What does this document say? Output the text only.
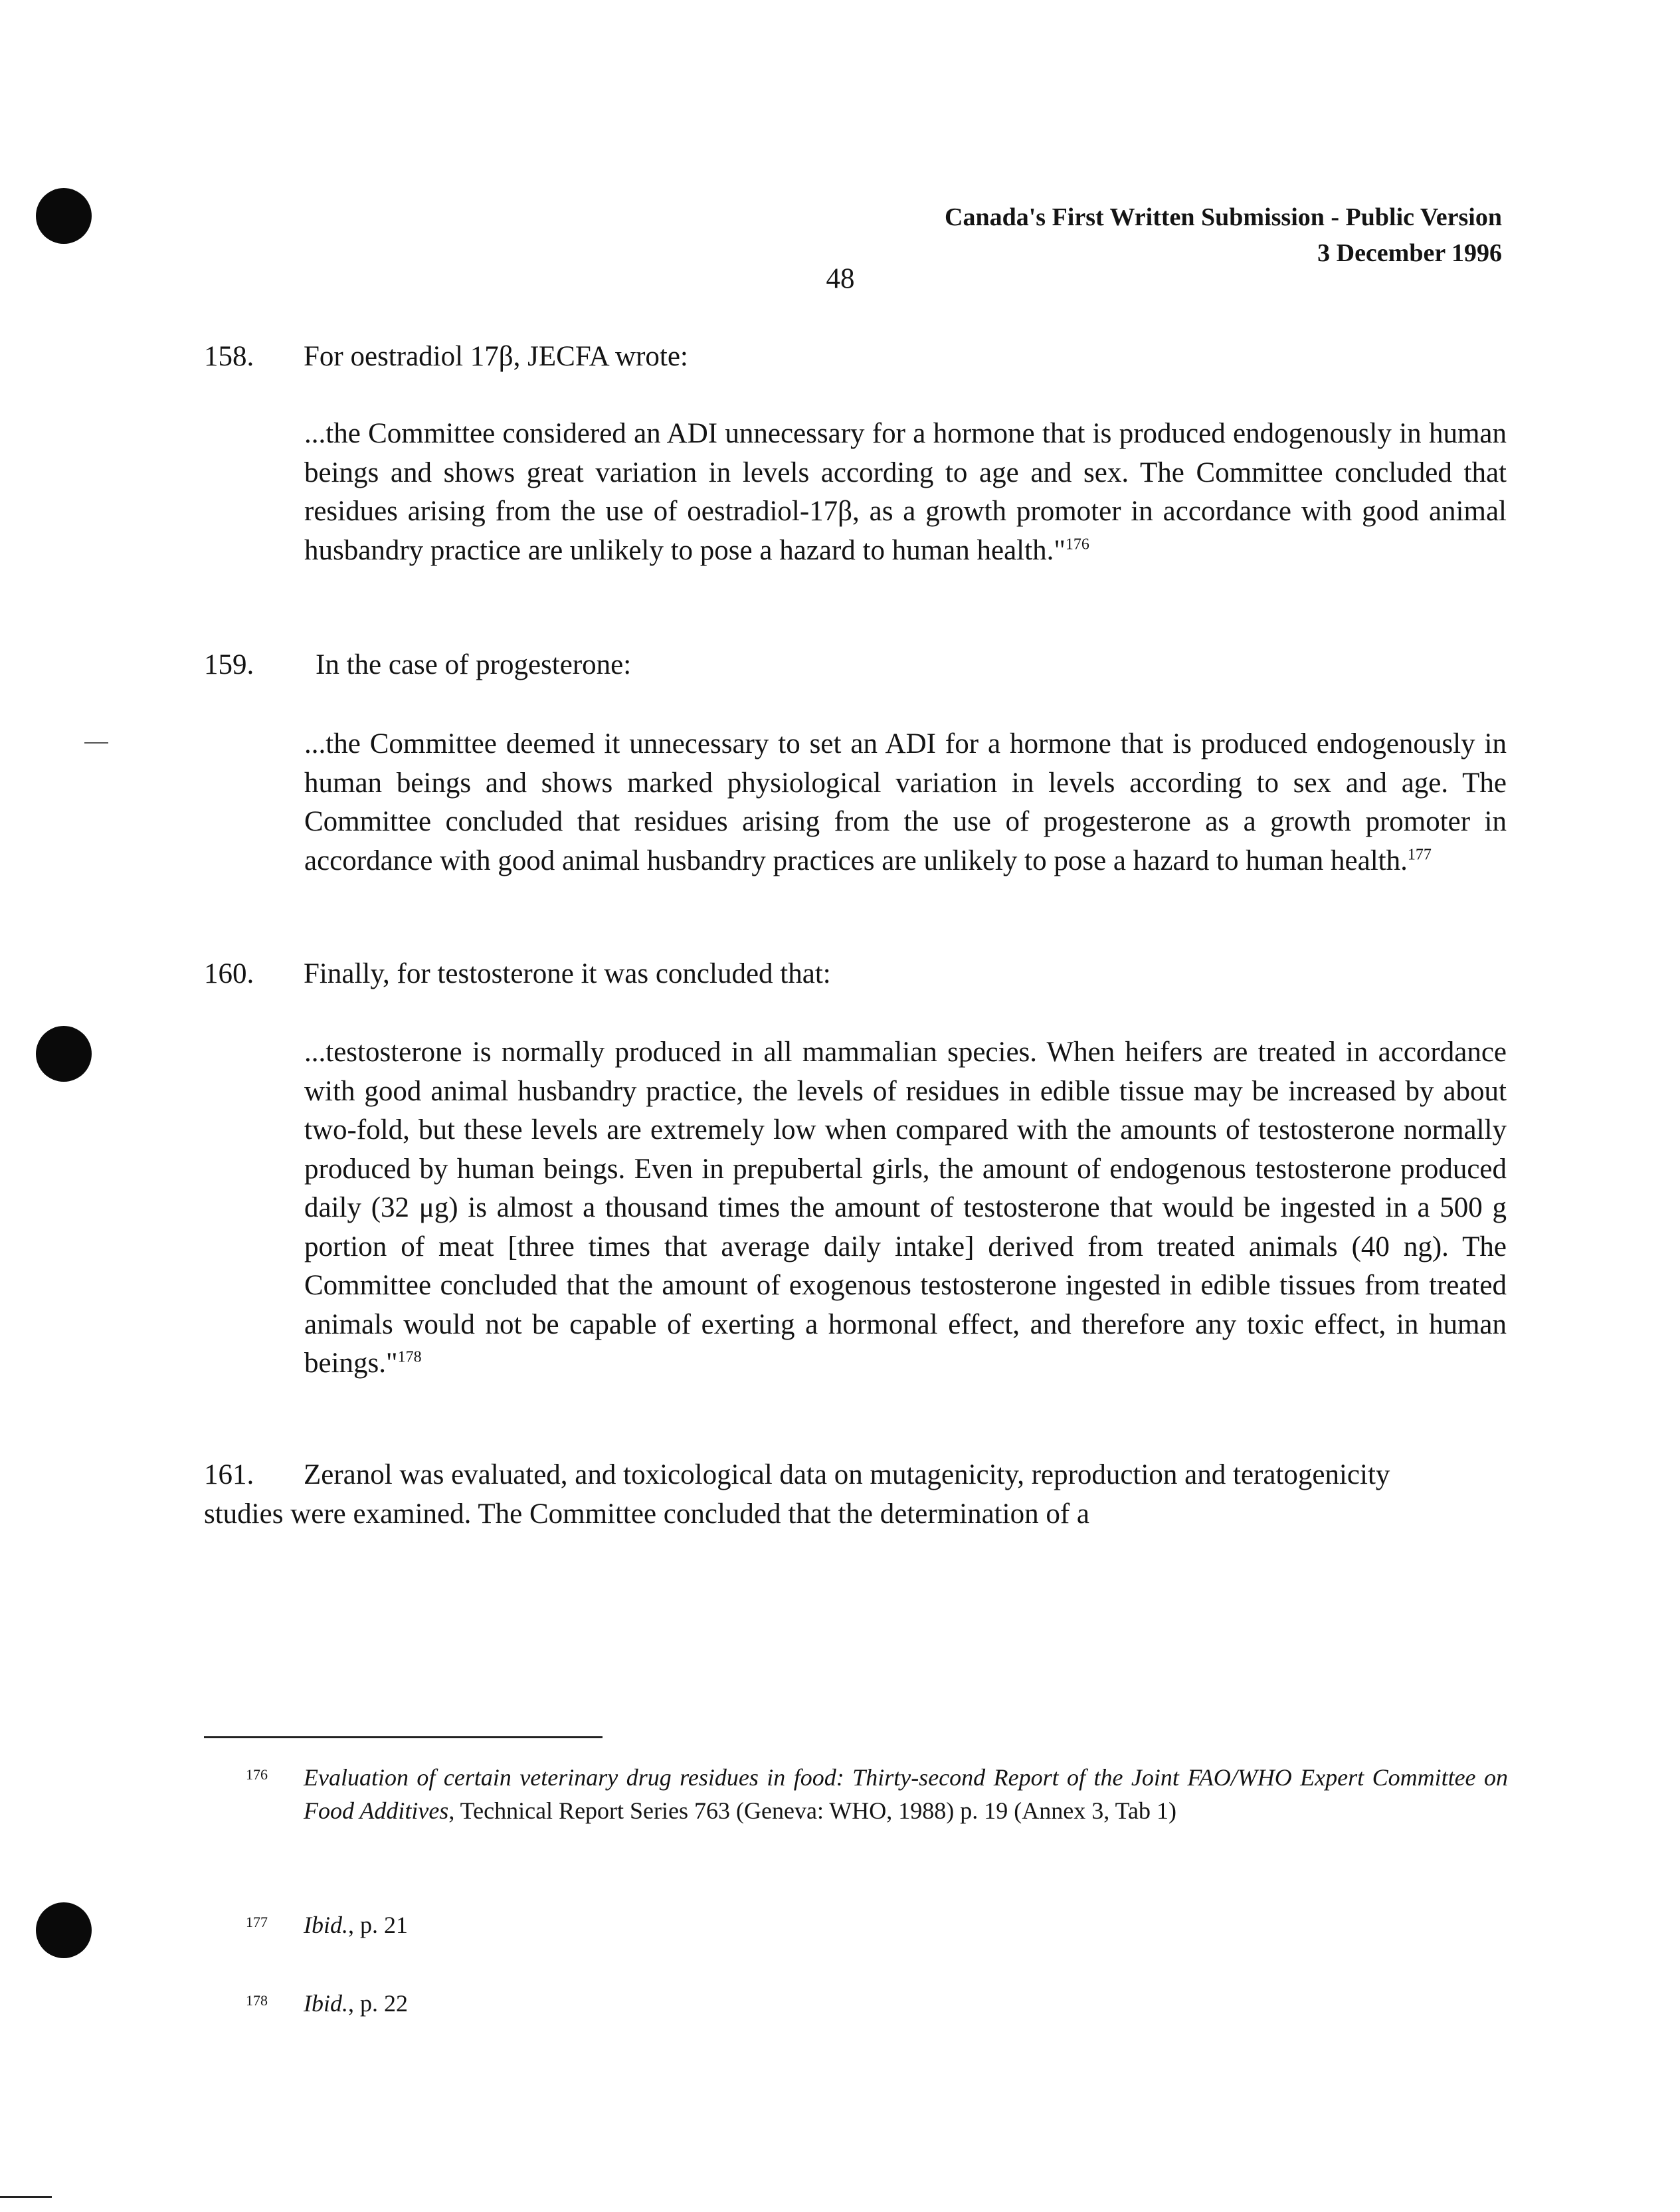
Canada's First Written Submission - Public Version
3 December 1996
48
158. For oestradiol 17β, JECFA wrote:

...the Committee considered an ADI unnecessary for a hormone that is produced endogenously in human beings and shows great variation in levels according to age and sex. The Committee concluded that residues arising from the use of oestradiol-17β, as a growth promoter in accordance with good animal husbandry practice are unlikely to pose a hazard to human health."$^{176}$

159. In the case of progesterone:

...the Committee deemed it unnecessary to set an ADI for a hormone that is produced endogenously in human beings and shows marked physiological variation in levels according to sex and age. The Committee concluded that residues arising from the use of progesterone as a growth promoter in accordance with good animal husbandry practices are unlikely to pose a hazard to human health.$^{177}$

160. Finally, for testosterone it was concluded that:

...testosterone is normally produced in all mammalian species. When heifers are treated in accordance with good animal husbandry practice, the levels of residues in edible tissue may be increased by about two-fold, but these levels are extremely low when compared with the amounts of testosterone normally produced by human beings. Even in prepubertal girls, the amount of endogenous testosterone produced daily (32 μg) is almost a thousand times the amount of testosterone that would be ingested in a 500 g portion of meat [three times that average daily intake] derived from treated animals (40 ng). The Committee concluded that the amount of exogenous testosterone ingested in edible tissues from treated animals would not be capable of exerting a hormonal effect, and therefore any toxic effect, in human beings."$^{178}$

161. Zeranol was evaluated, and toxicological data on mutagenicity, reproduction and teratogenicity studies were examined. The Committee concluded that the determination of a
176 Evaluation of certain veterinary drug residues in food: Thirty-second Report of the Joint FAO/WHO Expert Committee on Food Additives, Technical Report Series 763 (Geneva: WHO, 1988) p. 19 (Annex 3, Tab 1)
177 Ibid., p. 21
178 Ibid., p. 22
